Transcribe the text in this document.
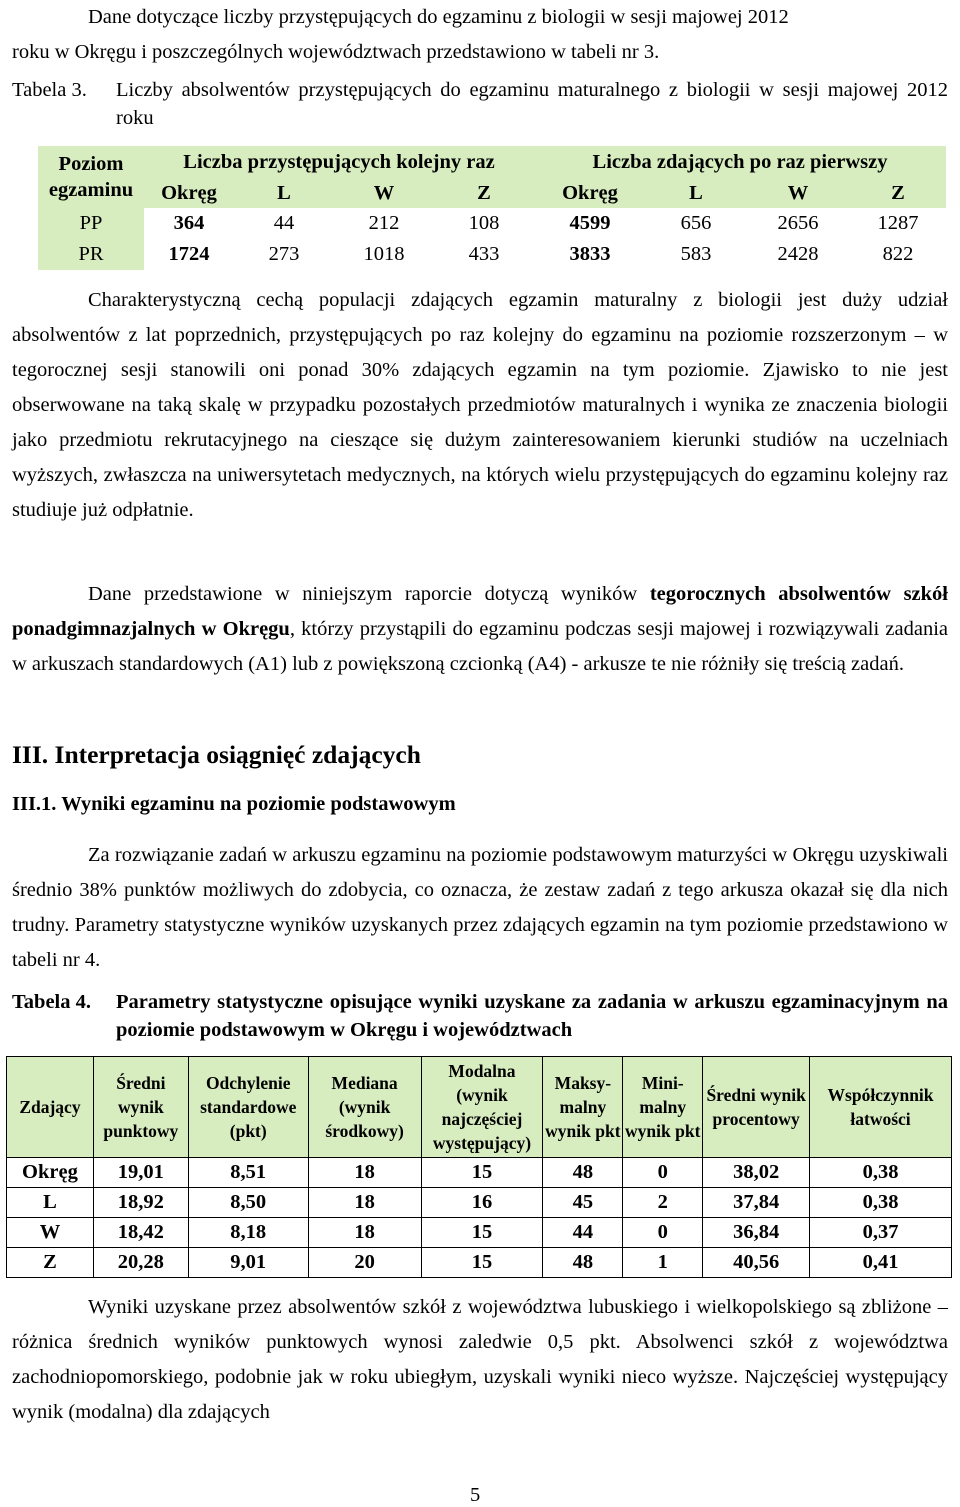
Dane dotyczące liczby przystępujących do egzaminu z biologii w sesji majowej 2012
roku w Okręgu i poszczególnych województwach przedstawiono w tabeli nr 3.
Tabela 3.	Liczby absolwentów przystępujących do egzaminu maturalnego z biologii w sesji majowej 2012 roku
Poziom egzaminu	Liczba przystępujących kolejny raz				Liczba zdających po raz pierwszy			
	Okręg	L	W	Z	Okręg	L	W	Z
PP	364	44	212	108	4599	656	2656	1287
PR	1724	273	1018	433	3833	583	2428	822

Charakterystyczną cechą populacji zdających egzamin maturalny z biologii jest duży udział absolwentów z lat poprzednich, przystępujących po raz kolejny do egzaminu na poziomie rozszerzonym – w tegorocznej sesji stanowili oni ponad 30% zdających egzamin na tym poziomie. Zjawisko to nie jest obserwowane na taką skalę w przypadku pozostałych przedmiotów maturalnych i wynika ze znaczenia biologii jako przedmiotu rekrutacyjnego na cieszące się dużym zainteresowaniem kierunki studiów na uczelniach wyższych, zwłaszcza na uniwersytetach medycznych, na których wielu przystępujących do egzaminu kolejny raz studiuje już odpłatnie.

Dane przedstawione w niniejszym raporcie dotyczą wyników tegorocznych absolwentów szkół ponadgimnazjalnych w Okręgu, którzy przystąpili do egzaminu podczas sesji majowej i rozwiązywali zadania w arkuszach standardowych (A1) lub z powiększoną czcionką (A4) - arkusze te nie różniły się treścią zadań.

III. Interpretacja osiągnięć zdających
III.1. Wyniki egzaminu na poziomie podstawowym

Za rozwiązanie zadań w arkuszu egzaminu na poziomie podstawowym maturzyści w Okręgu uzyskiwali średnio 38% punktów możliwych do zdobycia, co oznacza, że zestaw zadań z tego arkusza okazał się dla nich trudny. Parametry statystyczne wyników uzyskanych przez zdających egzamin na tym poziomie przedstawiono w tabeli nr 4.

Tabela 4.	Parametry statystyczne opisujące wyniki uzyskane za zadania w arkuszu egzaminacyjnym na poziomie podstawowym w Okręgu i województwach
Zdający	Średni wynik punktowy	Odchylenie standardowe (pkt)	Mediana (wynik środkowy)	Modalna (wynik najczęściej występujący)	Maksy-malny wynik pkt	Mini-malny wynik pkt	Średni wynik procentowy	Współczynnik łatwości
Okręg	19,01	8,51	18	15	48	0	38,02	0,38
L	18,92	8,50	18	16	45	2	37,84	0,38
W	18,42	8,18	18	15	44	0	36,84	0,37
Z	20,28	9,01	20	15	48	1	40,56	0,41

Wyniki uzyskane przez absolwentów szkół z województwa lubuskiego i wielkopolskiego są zbliżone – różnica średnich wyników punktowych wynosi zaledwie 0,5 pkt. Absolwenci szkół z województwa zachodniopomorskiego, podobnie jak w roku ubiegłym, uzyskali wyniki nieco wyższe. Najczęściej występujący wynik (modalna) dla zdających

5
